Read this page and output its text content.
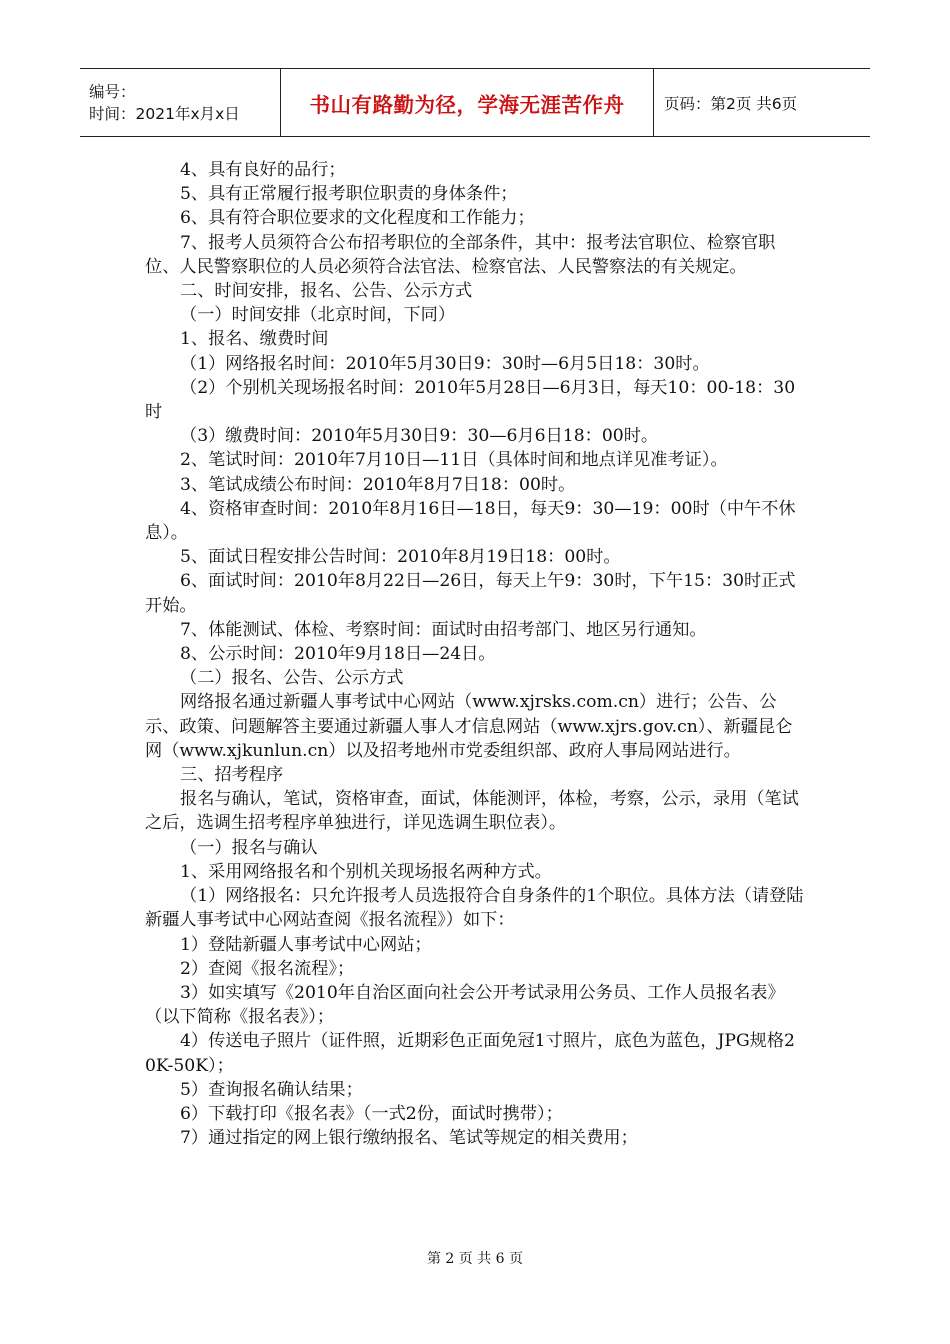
编号：
时间：2021年x月x日	书山有路勤为径，学海无涯苦作舟	页码：第2页 共6页

4、具有良好的品行；

5、具有正常履行报考职位职责的身体条件；

6、具有符合职位要求的文化程度和工作能力；

7、报考人员须符合公布招考职位的全部条件，其中：报考法官职位、检察官职位、人民警察职位的人员必须符合法官法、检察官法、人民警察法的有关规定。

二、时间安排，报名、公告、公示方式

（一）时间安排（北京时间，下同）

1、报名、缴费时间

（1）网络报名时间：2010年5月30日9：30时—6月5日18：30时。

（2）个别机关现场报名时间：2010年5月28日—6月3日，每天10：00-18：30时

（3）缴费时间：2010年5月30日9：30—6月6日18：00时。

2、笔试时间：2010年7月10日—11日（具体时间和地点详见准考证）。

3、笔试成绩公布时间：2010年8月7日18：00时。

4、资格审查时间：2010年8月16日—18日，每天9：30—19：00时（中午不休息）。

5、面试日程安排公告时间：2010年8月19日18：00时。

6、面试时间：2010年8月22日—26日，每天上午9：30时，下午15：30时正式开始。

7、体能测试、体检、考察时间：面试时由招考部门、地区另行通知。

8、公示时间：2010年9月18日—24日。

（二）报名、公告、公示方式

网络报名通过新疆人事考试中心网站（www.xjrsks.com.cn）进行；公告、公示、政策、问题解答主要通过新疆人事人才信息网站（www.xjrs.gov.cn）、新疆昆仑网（www.xjkunlun.cn）以及招考地州市党委组织部、政府人事局网站进行。

三、招考程序

报名与确认，笔试，资格审查，面试，体能测评，体检，考察，公示，录用（笔试之后，选调生招考程序单独进行，详见选调生职位表）。

（一）报名与确认

1、采用网络报名和个别机关现场报名两种方式。

（1）网络报名：只允许报考人员选报符合自身条件的1个职位。具体方法（请登陆新疆人事考试中心网站查阅《报名流程》）如下：

1）登陆新疆人事考试中心网站；

2）查阅《报名流程》；

3）如实填写《2010年自治区面向社会公开考试录用公务员、工作人员报名表》（以下简称《报名表》）；

4）传送电子照片（证件照，近期彩色正面免冠1寸照片，底色为蓝色，JPG规格20K-50K）；

5）查询报名确认结果；

6）下载打印《报名表》（一式2份，面试时携带）；

7）通过指定的网上银行缴纳报名、笔试等规定的相关费用；

第 2 页 共 6 页
